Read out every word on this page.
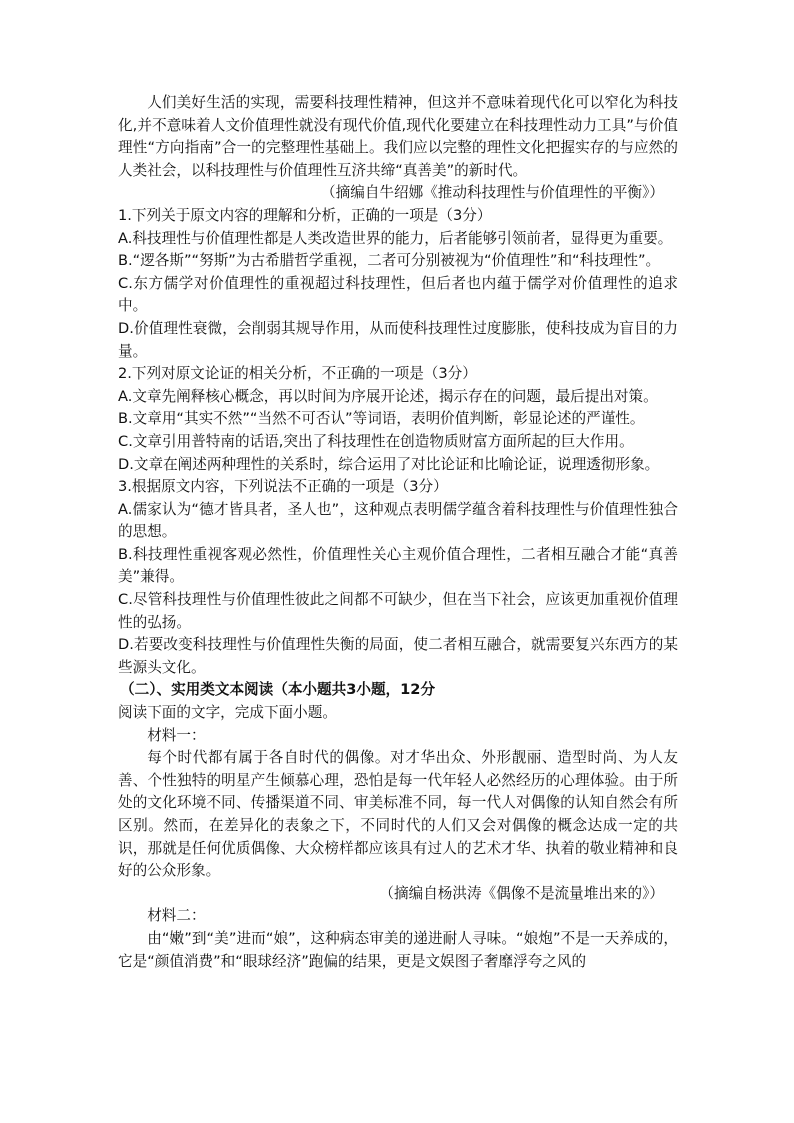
人们美好生活的实现，需要科技理性精神，但这并不意味着现代化可以窄化为科技化,并不意味着人文价值理性就没有现代价值,现代化要建立在科技理性动力工具”与价值理性“方向指南”合一的完整理性基础上。我们应以完整的理性文化把握实存的与应然的人类社会，以科技理性与价值理性互济共缔“真善美”的新时代。

（摘编自牛绍娜《推动科技理性与价值理性的平衡》）

1.下列关于原文内容的理解和分析，正确的一项是（3分）

A.科技理性与价值理性都是人类改造世界的能力，后者能够引领前者，显得更为重要。

B.“逻各斯”“努斯”为古希腊哲学重视，二者可分别被视为“价值理性”和“科技理性”。

C.东方儒学对价值理性的重视超过科技理性，但后者也内蕴于儒学对价值理性的追求中。

D.价值理性衰微，会削弱其规导作用，从而使科技理性过度膨胀，使科技成为盲目的力量。

2.下列对原文论证的相关分析，不正确的一项是（3分）

A.文章先阐释核心概念，再以时间为序展开论述，揭示存在的问题，最后提出对策。

B.文章用“其实不然”“当然不可否认”等词语，表明价值判断，彰显论述的严谨性。

C.文章引用普特南的话语,突出了科技理性在创造物质财富方面所起的巨大作用。

D.文章在阐述两种理性的关系时，综合运用了对比论证和比喻论证，说理透彻形象。

3.根据原文内容，下列说法不正确的一项是（3分）

A.儒家认为“德才皆具者，圣人也”，这种观点表明儒学蕴含着科技理性与价值理性独合的思想。

B.科技理性重视客观必然性，价值理性关心主观价值合理性，二者相互融合才能“真善美”兼得。

C.尽管科技理性与价值理性彼此之间都不可缺少，但在当下社会，应该更加重视价值理性的弘扬。

D.若要改变科技理性与价值理性失衡的局面，使二者相互融合，就需要复兴东西方的某些源头文化。

（二）、实用类文本阅读（本小题共3小题，12分

阅读下面的文字，完成下面小题。

材料一：

每个时代都有属于各自时代的偶像。对才华出众、外形靓丽、造型时尚、为人友善、个性独特的明星产生倾慕心理，恐怕是每一代年轻人必然经历的心理体验。由于所处的文化环境不同、传播渠道不同、审美标准不同，每一代人对偶像的认知自然会有所区别。然而，在差异化的表象之下，不同时代的人们又会对偶像的概念达成一定的共识，那就是任何优质偶像、大众榜样都应该具有过人的艺术才华、执着的敬业精神和良好的公众形象。

（摘编自杨洪涛《偶像不是流量堆出来的》）

材料二：

由“嫩”到“美”进而“娘”，这种病态审美的递进耐人寻味。“娘炮”不是一天养成的，它是“颜值消费”和“眼球经济”跑偏的结果，更是文娱图子奢靡浮夸之风的
